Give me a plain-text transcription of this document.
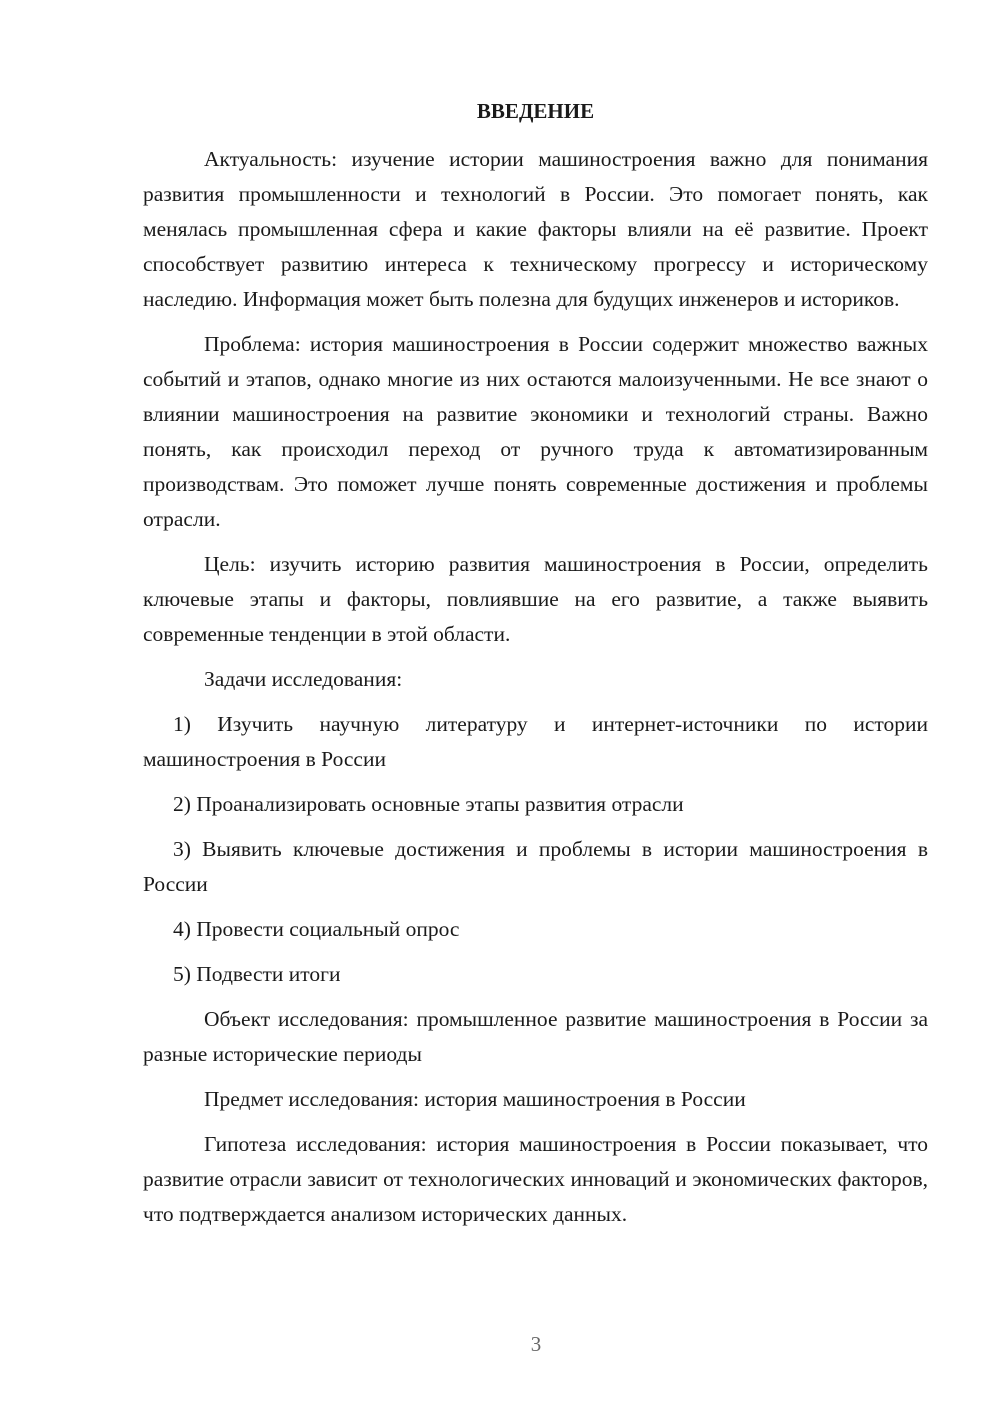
ВВЕДЕНИЕ

Актуальность: изучение истории машиностроения важно для понимания развития промышленности и технологий в России. Это помогает понять, как менялась промышленная сфера и какие факторы влияли на её развитие. Проект способствует развитию интереса к техническому прогрессу и историческому наследию. Информация может быть полезна для будущих инженеров и историков.

Проблема: история машиностроения в России содержит множество важных событий и этапов, однако многие из них остаются малоизученными. Не все знают о влиянии машиностроения на развитие экономики и технологий страны. Важно понять, как происходил переход от ручного труда к автоматизированным производствам. Это поможет лучше понять современные достижения и проблемы отрасли.

Цель: изучить историю развития машиностроения в России, определить ключевые этапы и факторы, повлиявшие на его развитие, а также выявить современные тенденции в этой области.

Задачи исследования:

1) Изучить научную литературу и интернет-источники по истории машиностроения в России

2) Проанализировать основные этапы развития отрасли

3) Выявить ключевые достижения и проблемы в истории машиностроения в России

4) Провести социальный опрос

5) Подвести итоги

Объект исследования: промышленное развитие машиностроения в России за разные исторические периоды

Предмет исследования: история машиностроения в России

Гипотеза исследования: история машиностроения в России показывает, что развитие отрасли зависит от технологических инноваций и экономических факторов, что подтверждается анализом исторических данных.

3
